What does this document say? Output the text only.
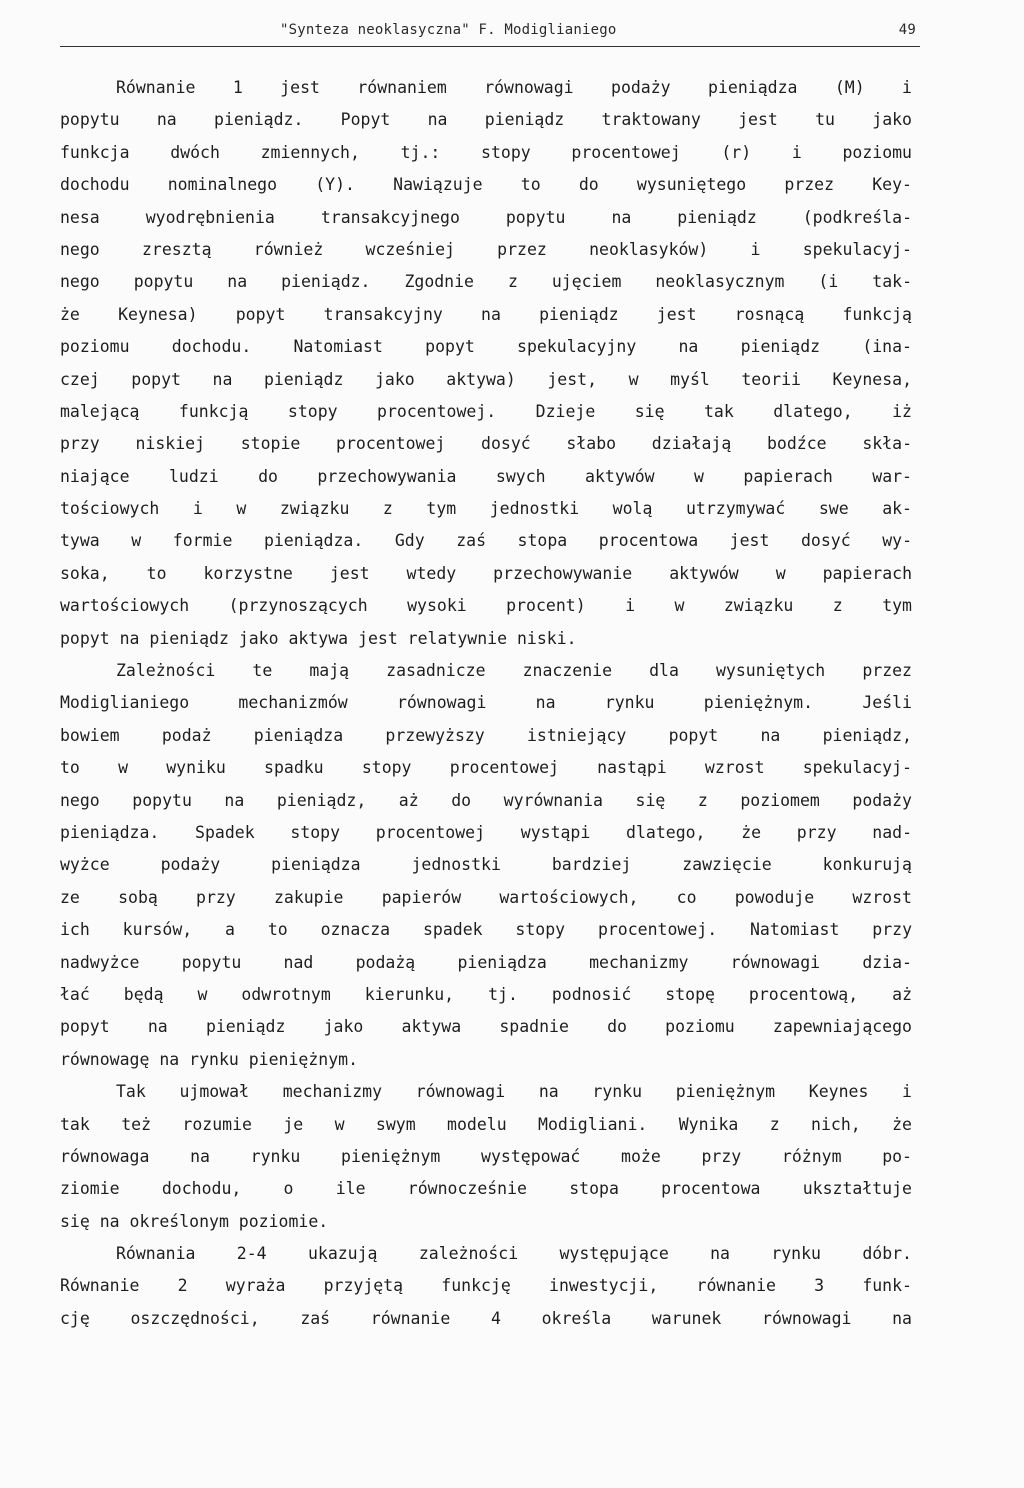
"Synteza neoklasyczna" F. Modiglianiego	49
Równanie 1 jest równaniem równowagi podaży pieniądza (M) i
popytu na pieniądz. Popyt na pieniądz traktowany jest tu jako
funkcja dwóch zmiennych, tj.: stopy procentowej (r) i poziomu
dochodu nominalnego (Y). Nawiązuje to do wysuniętego przez Key-
nesa wyodrębnienia transakcyjnego popytu na pieniądz (podkreśla-
nego zresztą również wcześniej przez neoklasyków) i spekulacyj-
nego popytu na pieniądz. Zgodnie z ujęciem neoklasycznym (i tak-
że Keynesa) popyt transakcyjny na pieniądz jest rosnącą funkcją
poziomu dochodu. Natomiast popyt spekulacyjny na pieniądz (ina-
czej popyt na pieniądz jako aktywa) jest, w myśl teorii Keynesa,
malejącą funkcją stopy procentowej. Dzieje się tak dlatego, iż
przy niskiej stopie procentowej dosyć słabo działają bodźce skła-
niające ludzi do przechowywania swych aktywów w papierach war-
tościowych i w związku z tym jednostki wolą utrzymywać swe ak-
tywa w formie pieniądza. Gdy zaś stopa procentowa jest dosyć wy-
soka, to korzystne jest wtedy przechowywanie aktywów w papierach
wartościowych (przynoszących wysoki procent) i w związku z tym
popyt na pieniądz jako aktywa jest relatywnie niski.
Zależności te mają zasadnicze znaczenie dla wysuniętych przez
Modiglianiego mechanizmów równowagi na rynku pieniężnym. Jeśli
bowiem podaż pieniądza przewyższy istniejący popyt na pieniądz,
to w wyniku spadku stopy procentowej nastąpi wzrost spekulacyj-
nego popytu na pieniądz, aż do wyrównania się z poziomem podaży
pieniądza. Spadek stopy procentowej wystąpi dlatego, że przy nad-
wyżce podaży pieniądza jednostki bardziej zawzięcie konkurują
ze sobą przy zakupie papierów wartościowych, co powoduje wzrost
ich kursów, a to oznacza spadek stopy procentowej. Natomiast przy
nadwyżce popytu nad podażą pieniądza mechanizmy równowagi dzia-
łać będą w odwrotnym kierunku, tj. podnosić stopę procentową, aż
popyt na pieniądz jako aktywa spadnie do poziomu zapewniającego
równowagę na rynku pieniężnym.
Tak ujmował mechanizmy równowagi na rynku pieniężnym Keynes i
tak też rozumie je w swym modelu Modigliani. Wynika z nich, że
równowaga na rynku pieniężnym występować może przy różnym po-
ziomie dochodu, o ile równocześnie stopa procentowa ukształtuje
się na określonym poziomie.
Równania 2-4 ukazują zależności występujące na rynku dóbr.
Równanie 2 wyraża przyjętą funkcję inwestycji, równanie 3 funk-
cję oszczędności, zaś równanie 4 określa warunek równowagi na
